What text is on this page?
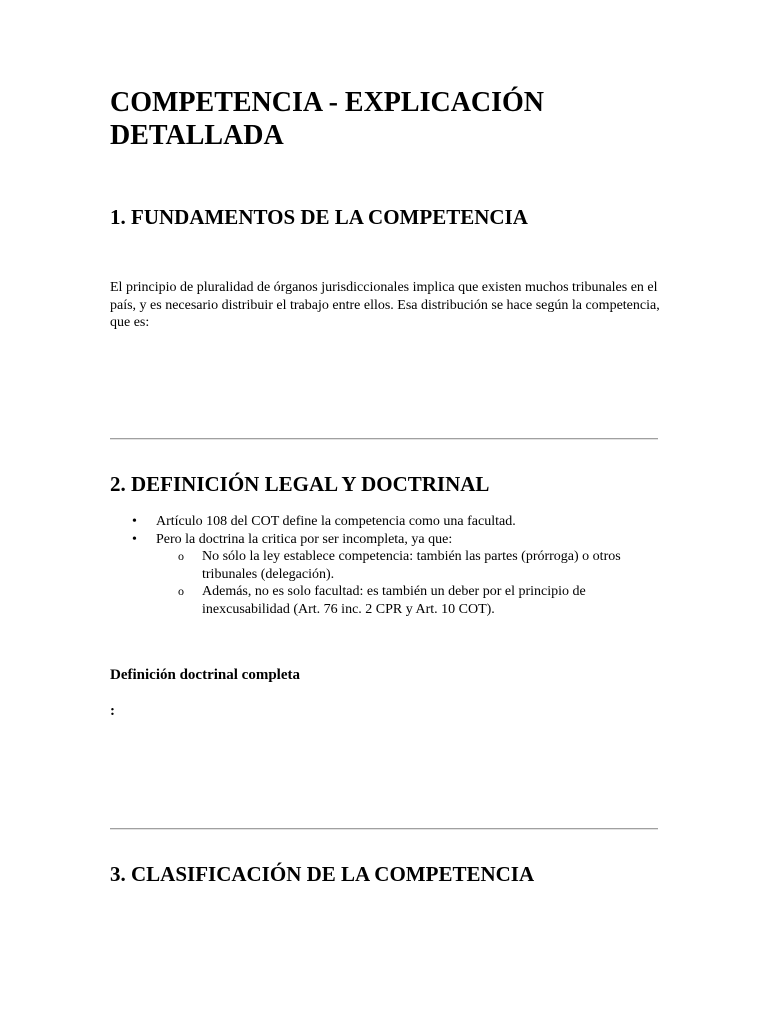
COMPETENCIA - EXPLICACIÓN DETALLADA
1. FUNDAMENTOS DE LA COMPETENCIA

El principio de pluralidad de órganos jurisdiccionales implica que existen muchos tribunales en el país, y es necesario distribuir el trabajo entre ellos. Esa distribución se hace según la competencia, que es:

2. DEFINICIÓN LEGAL Y DOCTRINAL
• Artículo 108 del COT define la competencia como una facultad.
• Pero la doctrina la critica por ser incompleta, ya que:
o No sólo la ley establece competencia: también las partes (prórroga) o otros tribunales (delegación).
o Además, no es solo facultad: es también un deber por el principio de inexcusabilidad (Art. 76 inc. 2 CPR y Art. 10 COT).

Definición doctrinal completa

:

3. CLASIFICACIÓN DE LA COMPETENCIA
